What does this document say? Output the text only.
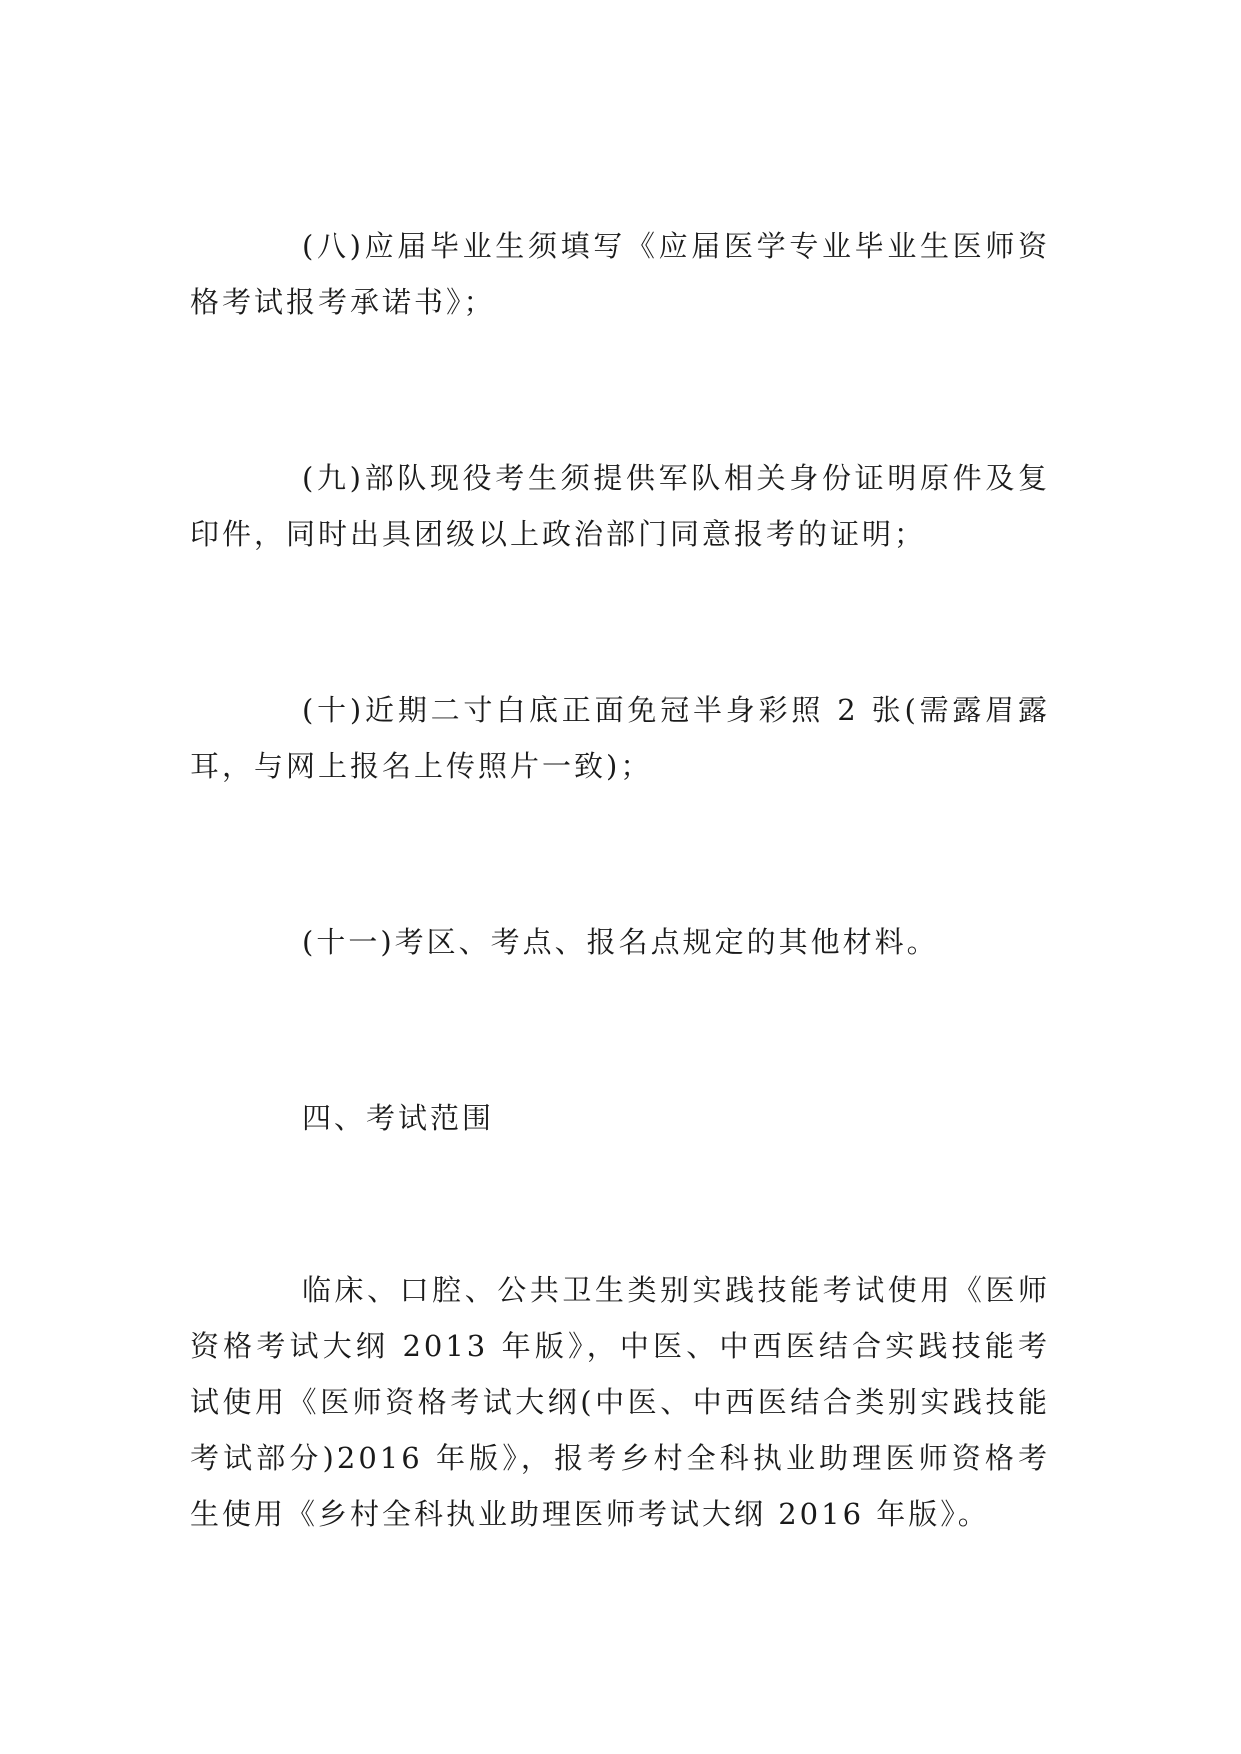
(八)应届毕业生须填写《应届医学专业毕业生医师资格考试报考承诺书》；

(九)部队现役考生须提供军队相关身份证明原件及复印件，同时出具团级以上政治部门同意报考的证明；

(十)近期二寸白底正面免冠半身彩照 2 张(需露眉露耳，与网上报名上传照片一致)；

(十一)考区、考点、报名点规定的其他材料。

四、考试范围

临床、口腔、公共卫生类别实践技能考试使用《医师资格考试大纲 2013 年版》，中医、中西医结合实践技能考试使用《医师资格考试大纲(中医、中西医结合类别实践技能考试部分)2016 年版》，报考乡村全科执业助理医师资格考生使用《乡村全科执业助理医师考试大纲 2016 年版》。
